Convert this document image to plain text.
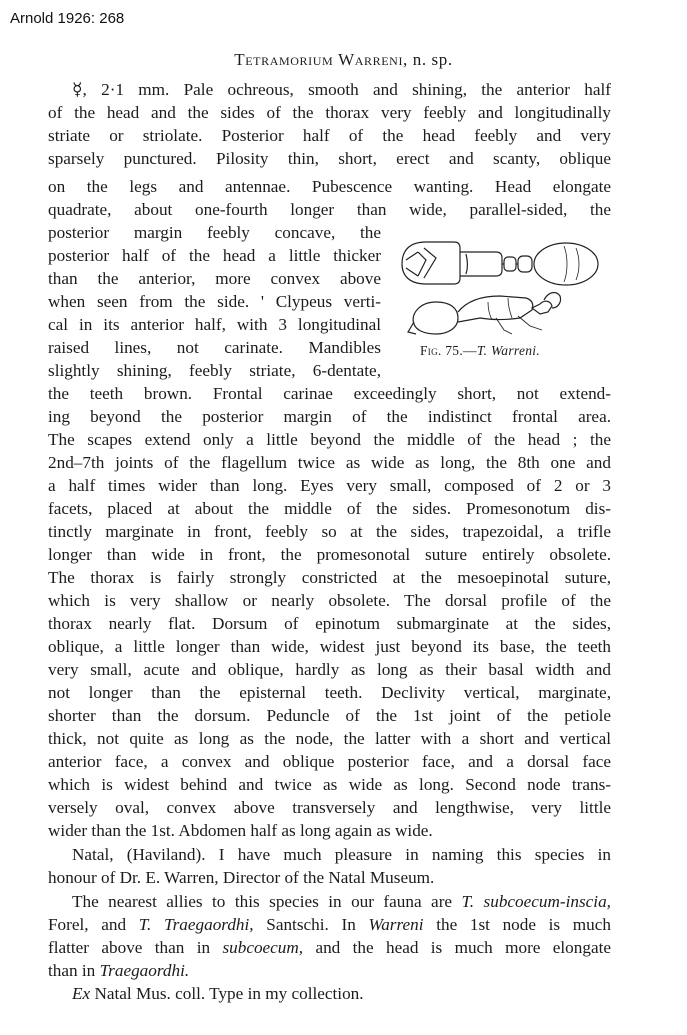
Arnold 1926: 268
Tetramorium Warreni, n. sp.
☿, 2·1 mm. Pale ochreous, smooth and shining, the anterior half
of the head and the sides of the thorax very feebly and longitudinally
striate or striolate. Posterior half of the head feebly and very
sparsely punctured. Pilosity thin, short, erect and scanty, oblique
on the legs and antennae. Pubescence wanting. Head elongate
quadrate, about one-fourth longer than wide, parallel-sided, the
posterior margin feebly concave, the
posterior half of the head a little thicker
than the anterior, more convex above
when seen from the side. ' Clypeus verti-
cal in its anterior half, with 3 longitudinal
raised lines, not carinate. Mandibles
slightly shining, feebly striate, 6-dentate,
the teeth brown. Frontal carinae exceedingly short, not extend-
ing beyond the posterior margin of the indistinct frontal area.
The scapes extend only a little beyond the middle of the head ; the
2nd–7th joints of the flagellum twice as wide as long, the 8th one and
a half times wider than long. Eyes very small, composed of 2 or 3
facets, placed at about the middle of the sides. Promesonotum dis-
tinctly marginate in front, feebly so at the sides, trapezoidal, a trifle
longer than wide in front, the promesonotal suture entirely obsolete.
The thorax is fairly strongly constricted at the mesoepinotal suture,
which is very shallow or nearly obsolete. The dorsal profile of the
thorax nearly flat. Dorsum of epinotum submarginate at the sides,
oblique, a little longer than wide, widest just beyond its base, the teeth
very small, acute and oblique, hardly as long as their basal width and
not longer than the episternal teeth. Declivity vertical, marginate,
shorter than the dorsum. Peduncle of the 1st joint of the petiole
thick, not quite as long as the node, the latter with a short and vertical
anterior face, a convex and oblique posterior face, and a dorsal face
which is widest behind and twice as wide as long. Second node trans-
versely oval, convex above transversely and lengthwise, very little
wider than the 1st. Abdomen half as long again as wide.
Natal, (Haviland). I have much pleasure in naming this species in
honour of Dr. E. Warren, Director of the Natal Museum.
The nearest allies to this species in our fauna are T. subcoecum-inscia,
Forel, and T. Traegaordhi, Santschi. In Warreni the 1st node is much
flatter above than in subcoecum, and the head is much more elongate
than in Traegaordhi.
Ex Natal Mus. coll. Type in my collection.
Fig. 75.—T. Warreni.
